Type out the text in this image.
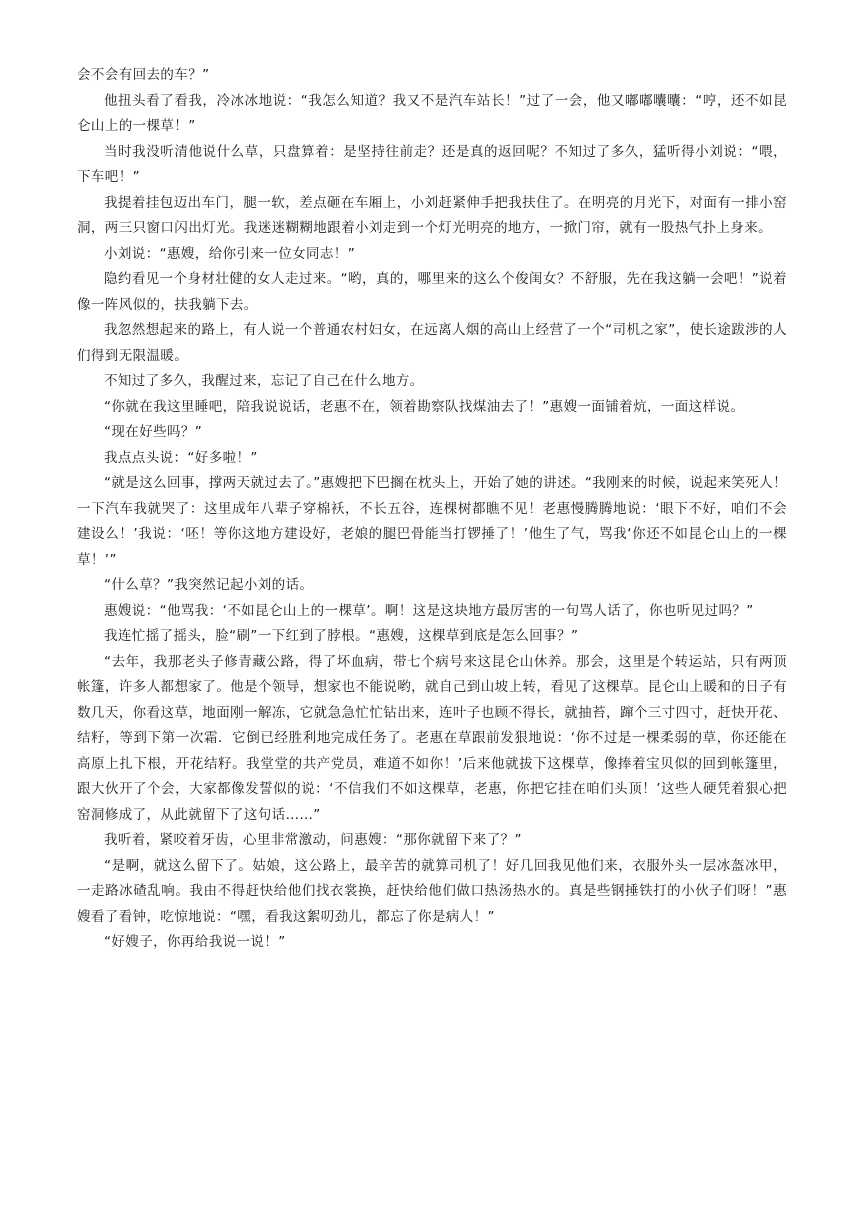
会不会有回去的车？”

他扭头看了看我，冷冰冰地说：“我怎么知道？我又不是汽车站长！”过了一会，他又嘟嘟囔囔：“哼，还不如昆仑山上的一棵草！”

当时我没听清他说什么草，只盘算着：是坚持往前走？还是真的返回呢？不知过了多久，猛听得小刘说：“喂，下车吧！”

我提着挂包迈出车门，腿一软，差点砸在车厢上，小刘赶紧伸手把我扶住了。在明亮的月光下，对面有一排小窑洞，两三只窗口闪出灯光。我迷迷糊糊地跟着小刘走到一个灯光明亮的地方，一掀门帘，就有一股热气扑上身来。

小刘说：“惠嫂，给你引来一位女同志！”

隐约看见一个身材壮健的女人走过来。“哟，真的，哪里来的这么个俊闺女？不舒服，先在我这躺一会吧！”说着像一阵风似的，扶我躺下去。

我忽然想起来的路上，有人说一个普通农村妇女，在远离人烟的高山上经营了一个“司机之家”，使长途跋涉的人们得到无限温暖。

不知过了多久，我醒过来，忘记了自己在什么地方。

“你就在我这里睡吧，陪我说说话，老惠不在，领着勘察队找煤油去了！”惠嫂一面铺着炕，一面这样说。

“现在好些吗？”

我点点头说：“好多啦！”

“就是这么回事，撑两天就过去了。”惠嫂把下巴搁在枕头上，开始了她的讲述。“我刚来的时候，说起来笑死人！一下汽车我就哭了：这里成年八辈子穿棉袄，不长五谷，连棵树都瞧不见！老惠慢腾腾地说：‘眼下不好，咱们不会建设么！’我说：‘呸！等你这地方建设好，老娘的腿巴骨能当打锣捶了！’他生了气，骂我‘你还不如昆仑山上的一棵草！’”

“什么草？”我突然记起小刘的话。

惠嫂说：“他骂我：‘不如昆仑山上的一棵草’。啊！这是这块地方最厉害的一句骂人话了，你也听见过吗？”

我连忙摇了摇头，脸“刷”一下红到了脖根。“惠嫂，这棵草到底是怎么回事？”

“去年，我那老头子修青藏公路，得了坏血病，带七个病号来这昆仑山休养。那会，这里是个转运站，只有两顶帐篷，许多人都想家了。他是个领导，想家也不能说哟，就自己到山坡上转，看见了这棵草。昆仑山上暖和的日子有数几天，你看这草，地面刚一解冻，它就急急忙忙钻出来，连叶子也顾不得长，就抽苔，蹿个三寸四寸，赶快开花、结籽，等到下第一次霜．它倒已经胜利地完成任务了。老惠在草跟前发狠地说：‘你不过是一棵柔弱的草，你还能在高原上扎下根，开花结籽。我堂堂的共产党员，难道不如你！’后来他就拔下这棵草，像捧着宝贝似的回到帐篷里，跟大伙开了个会，大家都像发誓似的说：‘不信我们不如这棵草，老惠，你把它挂在咱们头顶！’这些人硬凭着狠心把窑洞修成了，从此就留下了这句话……”

我听着，紧咬着牙齿，心里非常激动，问惠嫂：“那你就留下来了？”

“是啊，就这么留下了。姑娘，这公路上，最辛苦的就算司机了！好几回我见他们来，衣服外头一层冰盔冰甲，一走路冰碴乱响。我由不得赶快给他们找衣裳换，赶快给他们做口热汤热水的。真是些钢捶铁打的小伙子们呀！”惠嫂看了看钟，吃惊地说：“嘿，看我这絮叨劲儿，都忘了你是病人！”

“好嫂子，你再给我说一说！”
